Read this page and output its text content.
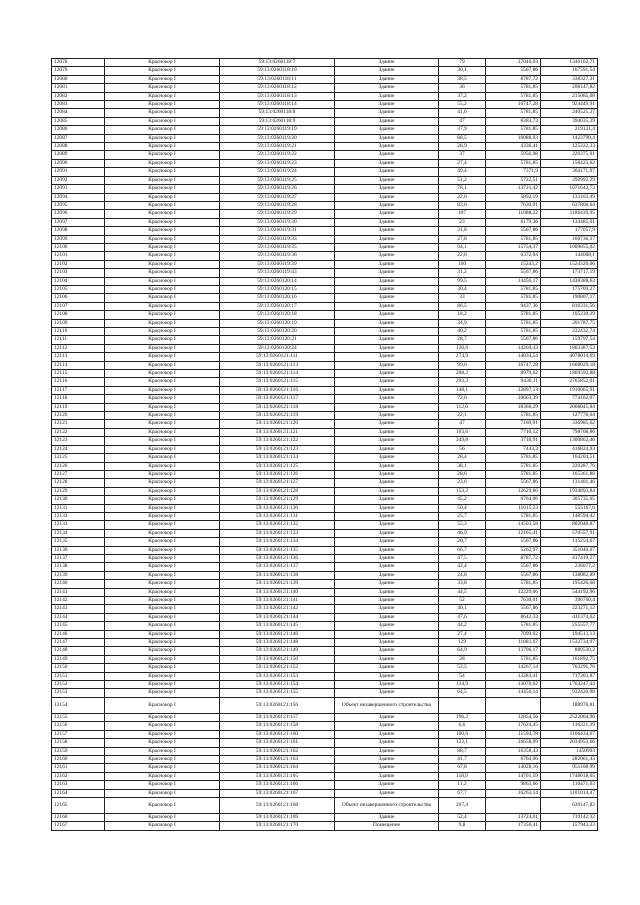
12078	Краснокор I	59:13:0260118:7	Здание	79	17040,03	1346162,71
12079	Краснокор I	59:13:0260118:10	Здание	30,1	5567,86	167591,54
12080	Краснокор I	59:13:0260118:11	Здание	38,5	8787,72	338327,31
12081	Краснокор I	59:13:0260118:12	Здание	36	5781,85	208147,82
12082	Краснокор I	59:13:0260118:13	Здание	37,2	5781,85	215085,08
12083	Краснокор I	59:13:0260118:14	Здание	55,2	16747,28	924449,91
12084	Краснокор I	59:13:0260118:8	Здание	41,6	5781,85	240525,37
12085	Краснокор I	59:13:0260118:9	Здание	47	8383,73	394035,39
12086	Краснокор I	59:13:0260119:19	Здание	37,9	5781,85	219131,4
12087	Краснокор I	59:13:0260119:20	Здание	88,5	16088,03	1423790,4
12088	Краснокор I	59:13:0260119:21	Здание	28,9	4336,41	125322,33
12089	Краснокор I	59:13:0260119:22	Здание	37	5956,08	220375,01
12090	Краснокор I	59:13:0260119:23	Здание	27,4	5781,85	158423,62
12091	Краснокор I	59:13:0260119:24	Здание	49,4	7371,9	364171,97
12092	Краснокор I	59:13:0260119:25	Здание	51,2	5722,51	292992,29
12093	Краснокор I	59:13:0260119:26	Здание	78,1	13721,42	1071642,73
12094	Краснокор I	59:13:0260119:27	Здание	22,6	5892,19	133163,49
12095	Краснокор I	59:13:0260119:28	Здание	83,6	7630,01	637868,64
12096	Краснокор I	59:13:0260119:29	Здание	107	11088,22	1186439,95
12097	Краснокор I	59:13:0260119:30	Здание	23	6179,36	134485,01
12098	Краснокор I	59:13:0260119:31	Здание	31,8	5567,86	177057,9
12099	Краснокор I	59:13:0260119:33	Здание	27,8	5781,85	160736,37
12100	Краснокор I	59:13:0260119:35	Здание	64,1	15754,37	1009855,02
12101	Краснокор I	59:13:0260119:36	Здание	22,6	6372,04	144008,1
12102	Краснокор I	59:13:0260119:39	Здание	100	15243,2	1524320,06
12103	Краснокор I	59:13:0260119:43	Здание	31,2	5567,86	173717,19
12104	Краснокор I	59:13:0260120:14	Здание	99,5	14456,17	1438388,63
12105	Краснокор I	59:13:0260120:15	Здание	30,4	5781,85	175769,27
12106	Краснокор I	59:13:0260120:16	Здание	33	5781,85	190807,17
12107	Краснокор I	59:13:0260120:17	Здание	86,5	9437,36	816331,56
12108	Краснокор I	59:13:0260120:18	Здание	18,2	5781,85	105230,29
12109	Краснокор I	59:13:0260120:19	Здание	34,9	5781,85	201787,75
12110	Краснокор I	59:13:0260120:20	Здание	40,2	5781,85	232432,74
12111	Краснокор I	59:13:0260120:21	Здание	28,7	5567,86	159797,54
12112	Краснокор I	59:13:0260120:24	Здание	130,6	14269,43	1863387,53
12113	Краснокор I	59:13:0260121:111	Здание	274,9	14834,54	4078014,69
12114	Краснокор I	59:13:0260121:113	Здание	99,6	16747,28	1668029,18
12115	Краснокор I	59:13:0260121:114	Здание	208,2	8979,62	1869592,88
12116	Краснокор I	59:13:0260121:115	Здание	293,3	9430,11	2765852,01
12117	Краснокор I	59:13:0260121:116	Здание	148,1	12897,13	1910065,91
12118	Краснокор I	59:13:0260121:117	Здание	72,6	10663,39	774162,07
12119	Краснокор I	59:13:0260121:118	Здание	112,6	18366,29	2068045,84
12120	Краснокор I	59:13:0260121:119	Здание	22,1	5781,85	127778,64
12121	Краснокор I	59:13:0260121:120	Здание	47	7169,91	336985,62
12122	Краснокор I	59:13:0260121:121	Здание	103,6	7710,12	798768,86
12123	Краснокор I	59:13:0260121:122	Здание	349,8	3718,91	1300862,46
12124	Краснокор I	59:13:0260121:123	Здание	56	7443,3	416824,93
12125	Краснокор I	59:13:0260121:124	Здание	28,4	5781,85	164204,51
12126	Краснокор I	59:13:0260121:125	Здание	38,1	5781,85	220287,76
12127	Краснокор I	59:13:0260121:126	Здание	28,6	5781,85	165361,88
12128	Краснокор I	59:13:0260121:127	Здание	23,6	5567,86	131401,46
12129	Краснокор I	59:13:0260121:128	Здание	153,2	12629,86	1934893,84
12130	Краснокор I	59:13:0260121:129	Здание	45,2	6764,06	305735,65
12131	Краснокор I	59:13:0260121:130	Здание	50,4	11015,23	555167,6
12132	Краснокор I	59:13:0260121:131	Здание	25,7	5781,85	148594,42
12133	Краснокор I	59:13:0260121:132	Здание	55,3	14503,58	802048,87
12134	Краснокор I	59:13:0260121:133	Здание	46,9	12165,41	570557,91
12135	Краснокор I	59:13:0260121:134	Здание	20,7	5567,86	115254,67
12136	Краснокор I	59:13:0260121:135	Здание	66,7	5262,97	351040,07
12137	Краснокор I	59:13:0260121:136	Здание	47,5	8787,72	417419,27
12138	Краснокор I	59:13:0260121:137	Здание	42,4	5567,86	236077,2
12139	Краснокор I	59:13:0260121:138	Здание	24,8	5567,86	138082,89
12140	Краснокор I	59:13:0260121:139	Здание	33,8	5781,85	195426,68
12141	Краснокор I	59:13:0260121:140	Здание	44,5	12229,06	544192,96
12142	Краснокор I	59:13:0260121:141	Здание	52	7630,01	396760,4
12143	Краснокор I	59:13:0260121:142	Здание	40,1	5567,86	223271,12
12144	Краснокор I	59:13:0260121:144	Здание	47,6	8642,33	411374,62
12145	Краснокор I	59:13:0260121:145	Здание	44,2	5781,85	255557,77
12146	Краснокор I	59:13:0260121:146	Здание	27,4	7099,02	194513,13
12147	Краснокор I	59:13:0260121:148	Здание	129	11881,67	1532734,97
12148	Краснокор I	59:13:0260121:149	Здание	64,9	13706,17	889530,2
12149	Краснокор I	59:13:0260121:150	Здание	28	5781,85	161892,75
12150	Краснокор I	59:13:0260121:152	Здание	53,5	14267,14	763291,76
12151	Краснокор I	59:13:0260121:153	Здание	54	13283,41	717303,87
12152	Краснокор I	59:13:0260121:154	Здание	134,9	13070,62	1763247,44
12153	Краснокор I	59:13:0260121:155	Здание	64,5	14456,14	932420,98
12154	Краснокор I	59:13:0260121:156	Объект незавершенного строительства			188976,81
12155	Краснокор I	59:13:0260121:157	Здание	196,2	12854,56	2522064,96
12156	Краснокор I	59:13:0260121:158	Здание	6,6	17624,45	116321,39
12157	Краснокор I	59:13:0260121:160	Здание	100,6	11594,78	1166434,67
12158	Краснокор I	59:13:0260121:161	Здание	122,1	16658,09	2034953,66
12159	Краснокор I	59:13:0260121:162	Здание	88,7	16358,43	1450993
12160	Краснокор I	59:13:0260121:163	Здание	41,7	6764,06	282061,43
12161	Краснокор I	59:13:0260121:164	Здание	67,8	14028,16	951108,99
12162	Краснокор I	59:13:0260121:165	Здание	118,9	14701,59	1748018,65
12163	Краснокор I	59:13:0260121:166	Здание	11,2	9863,66	110471,03
12164	Краснокор I	59:13:0260121:167	Здание	67,7	16263,14	1101014,47
12165	Краснокор I	59:13:0260121:168	Объект незавершенного строительства	207,4		639147,82
12166	Краснокор I	59:13:0260121:169	Здание	52,4	13724,01	719142,32
12167	Краснокор I	59:13:0260121:170	Помещение	9,8	17356,41	157943,33
